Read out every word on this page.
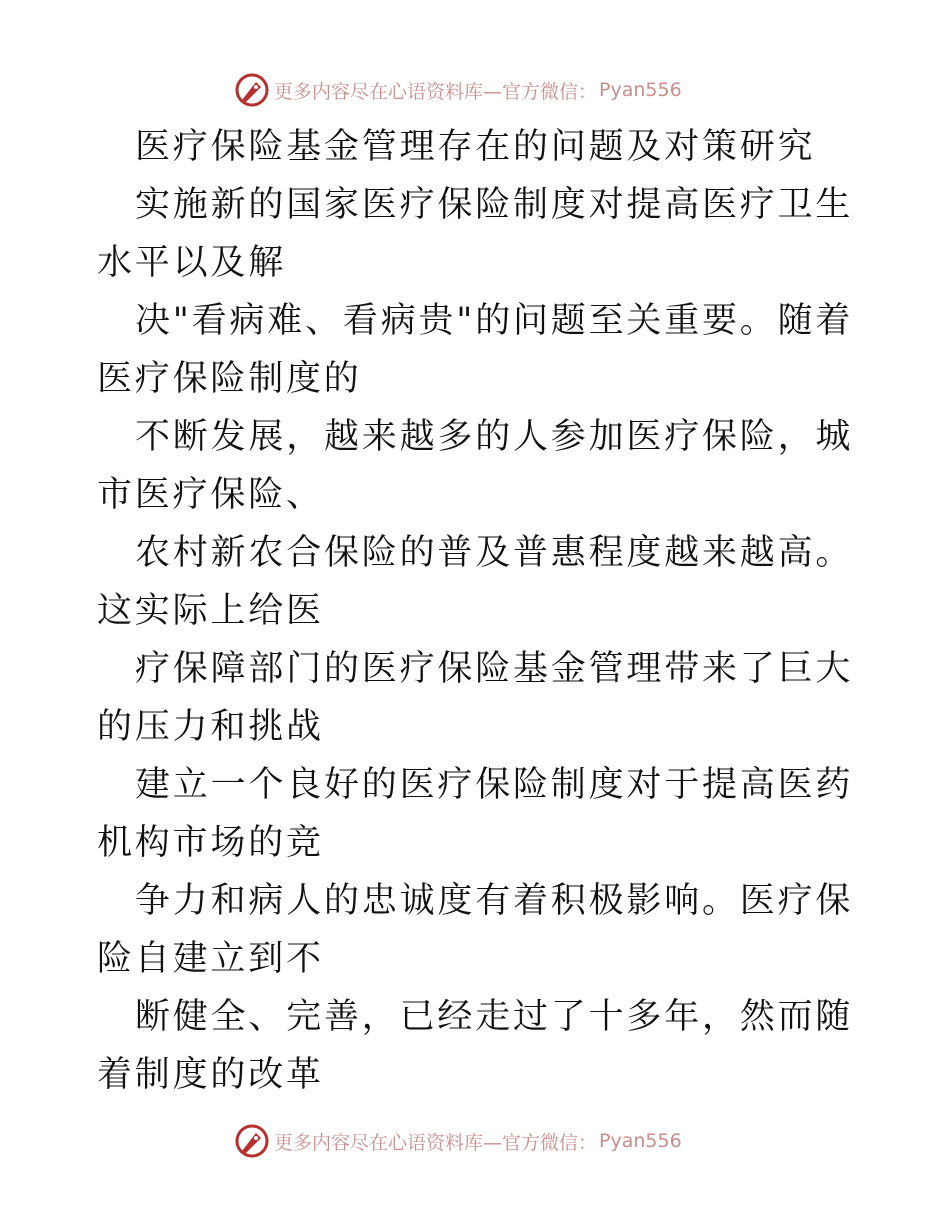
更多内容尽在心语资料库—官方微信： Pyan556

医疗保险基金管理存在的问题及对策研究

实施新的国家医疗保险制度对提高医疗卫生水平以及解

决"看病难、看病贵"的问题至关重要。随着医疗保险制度的

不断发展，越来越多的人参加医疗保险，城市医疗保险、

农村新农合保险的普及普惠程度越来越高。这实际上给医

疗保障部门的医疗保险基金管理带来了巨大的压力和挑战

建立一个良好的医疗保险制度对于提高医药机构市场的竞

争力和病人的忠诚度有着积极影响。医疗保险自建立到不

断健全、完善，已经走过了十多年，然而随着制度的改革

更多内容尽在心语资料库—官方微信： Pyan556
